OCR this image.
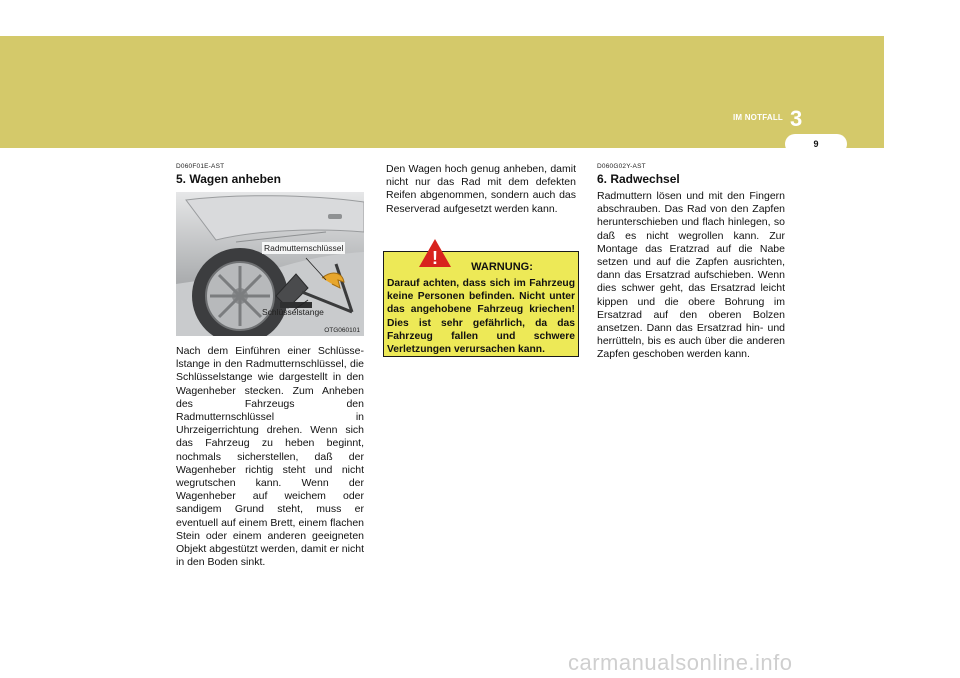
IM NOTFALL 3
9
D060F01E-AST
5. Wagen anheben
Radmutternschlüssel
Schlüsselstange
OTG060101

Nach dem Einführen einer Schlüsse-lstange in den Radmutternschlüssel, die Schlüsselstange wie dargestellt in den Wagenheber stecken. Zum Anheben des Fahrzeugs den Radmutternschlüssel in Uhrzeigerrichtung drehen. Wenn sich das Fahrzeug zu heben beginnt, nochmals sicherstellen, daß der Wagenheber richtig steht und nicht wegrutschen kann. Wenn der Wagenheber auf weichem oder sandigem Grund steht, muss er eventuell auf einem Brett, einem flachen Stein oder einem anderen geeigneten Objekt abgestützt werden, damit er nicht in den Boden sinkt.

Den Wagen hoch genug anheben, damit nicht nur das Rad mit dem defekten Reifen abgenommen, sondern auch das Reserverad aufgesetzt werden kann.

!	WARNUNG:
Darauf achten, dass sich im Fahrzeug keine Personen befinden. Nicht unter das angehobene Fahrzeug kriechen! Dies ist sehr gefährlich, da das Fahrzeug fallen und schwere Verletzungen verursachen kann.
D060G02Y-AST
6. Radwechsel

Radmuttern lösen und mit den Fingern abschrauben. Das Rad von den Zapfen herunterschieben und flach hinlegen, so daß es nicht wegrollen kann. Zur Montage das Eratzrad auf die Nabe setzen und auf die Zapfen ausrichten, dann das Ersatzrad aufschieben. Wenn dies schwer geht, das Ersatzrad leicht kippen und die obere Bohrung im Ersatzrad auf den oberen Bolzen ansetzen. Dann das Ersatzrad hin- und herrütteln, bis es auch über die anderen Zapfen geschoben werden kann.

carmanualsonline.info
